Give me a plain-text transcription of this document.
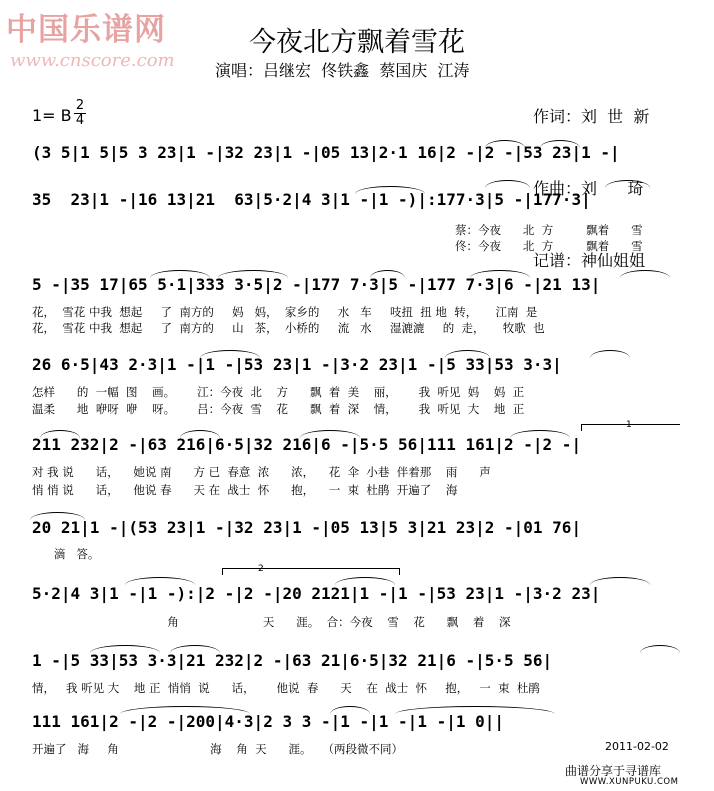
中国乐谱网
www.cnscore.com
今夜北方飘着雪花
演唱：吕继宏  佟铁鑫  蔡国庆  江涛

作词：刘  世  新

作曲：刘      琦

记谱：神仙姐姐

1= B
2
4
(3 5|1 5|5 3 23|1 -|32 23|1 -|05 13|2·1 16|2 -|2 -|53 23|1 -|
35  23|1 -|16 13|21  63|5·2|4 3|1 -|1 -)|:177·3|5 -|177·3|
蔡：今夜      北  方         飘着      雪
佟：今夜      北  方         飘着      雪
5 -|35 17|65 5·1|333 3·5|2 -|177 7·3|5 -|177 7·3|6 -|21 13|
花，  雪花 中我  想起     了  南方的     妈   妈，  家乡的     水   车     吱扭  扭 地  转，     江南  是
花，  雪花 中我  想起     了  南方的     山   茶，  小桥的     流   水     湿漉漉     的  走，     牧歌  也
26 6·5|43 2·3|1 -|1 -|53 23|1 -|3·2 23|1 -|5 33|53 3·3|
怎样      的  一幅  图    画。      江：今夜  北    方      飘  着  美    丽，      我  听见  妈    妈  正
温柔      地  咿呀  咿    呀。      吕：今夜  雪    花      飘  着  深    情，      我  听见  大    地  正
1
211 232|2 -|63 216|6·5|32 216|6 -|5·5 56|111 161|2 -|2 -|
对 我 说      话，    她说 南      方 已  春意  浓      浓，    花  伞  小巷  伴着那    雨      声
悄 悄 说      话，    他说 春      天 在  战士  怀      抱，    一  束  杜鹃  开遍了    海
20 21|1 -|(53 23|1 -|32 23|1 -|05 13|5 3|21 23|2 -|01 76|
滴   答。
2
5·2|4 3|1 -|1 -):|2 -|2 -|20 2121|1 -|1 -|53 23|1 -|3·2 23|
角                       天      涯。  合：今夜    雪    花      飘    着    深
1 -|5 33|53 3·3|21 232|2 -|63 21|6·5|32 21|6 -|5·5 56|
情，   我 听见 大    地 正  悄悄  说      话，      他说  春      天    在  战士  怀     抱，   一  束  杜鹃
111 161|2 -|2 -|200|4·3|2 3 3 -|1 -|1 -|1 -|1 0||
开遍了   海     角                         海    角  天      涯。   （两段微不同）	2011-02-02
曲谱分享于寻谱库
WWW.XUNPUKU.COM
